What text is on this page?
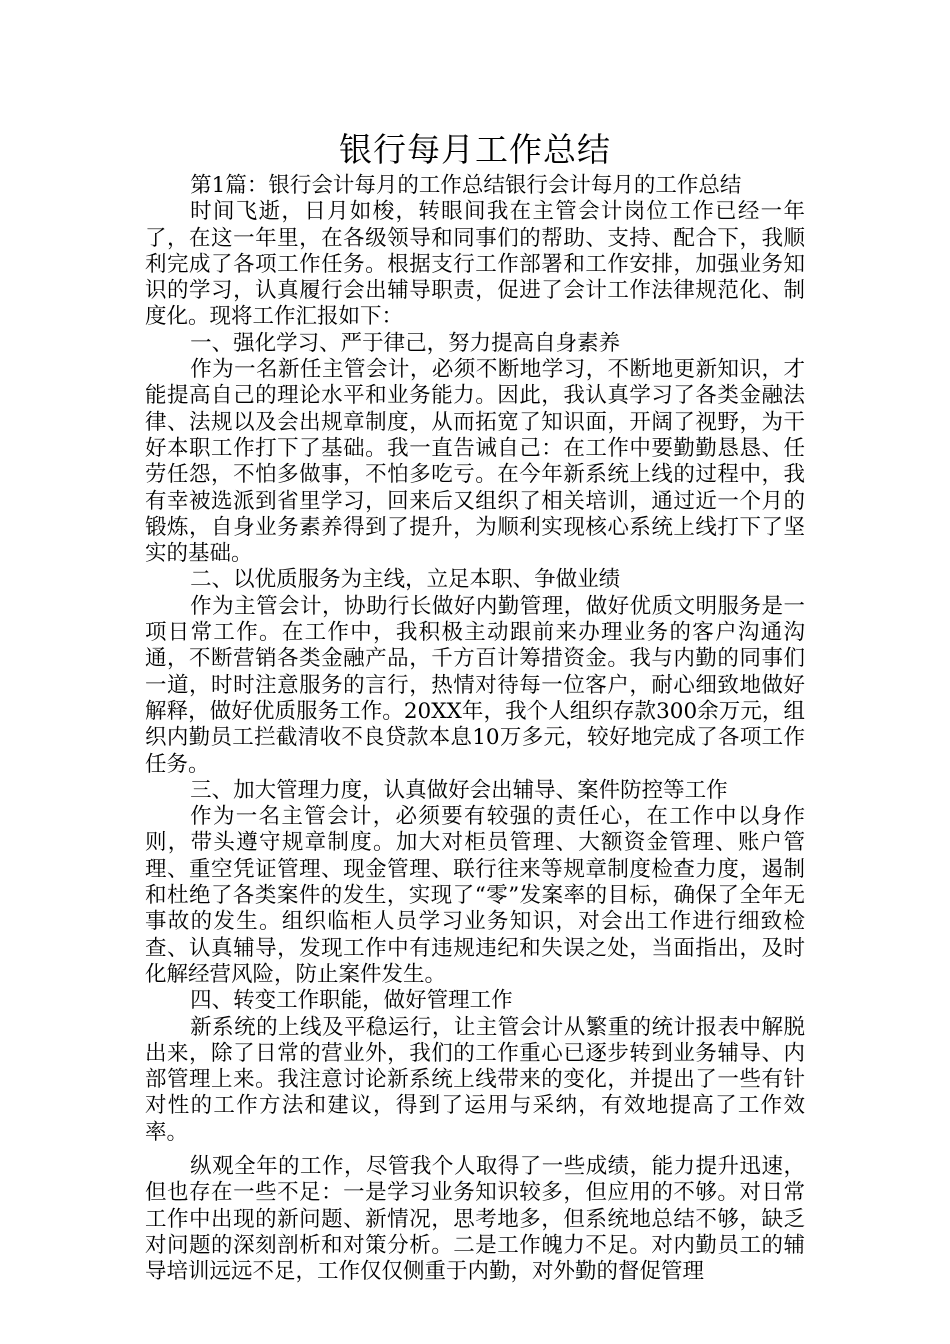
银行每月工作总结

第1篇：银行会计每月的工作总结银行会计每月的工作总结

时间飞逝，日月如梭，转眼间我在主管会计岗位工作已经一年了，在这一年里，在各级领导和同事们的帮助、支持、配合下，我顺利完成了各项工作任务。根据支行工作部署和工作安排，加强业务知识的学习，认真履行会出辅导职责，促进了会计工作法律规范化、制度化。现将工作汇报如下：

一、强化学习、严于律己，努力提高自身素养

作为一名新任主管会计，必须不断地学习，不断地更新知识，才能提高自己的理论水平和业务能力。因此，我认真学习了各类金融法律、法规以及会出规章制度，从而拓宽了知识面，开阔了视野，为干好本职工作打下了基础。我一直告诫自己：在工作中要勤勤恳恳、任劳任怨，不怕多做事，不怕多吃亏。在今年新系统上线的过程中，我有幸被选派到省里学习，回来后又组织了相关培训，通过近一个月的锻炼，自身业务素养得到了提升，为顺利实现核心系统上线打下了坚实的基础。

二、以优质服务为主线，立足本职、争做业绩

作为主管会计，协助行长做好内勤管理，做好优质文明服务是一项日常工作。在工作中，我积极主动跟前来办理业务的客户沟通沟通，不断营销各类金融产品，千方百计筹措资金。我与内勤的同事们一道，时时注意服务的言行，热情对待每一位客户，耐心细致地做好解释，做好优质服务工作。20XX年，我个人组织存款300余万元，组织内勤员工拦截清收不良贷款本息10万多元，较好地完成了各项工作任务。

三、加大管理力度，认真做好会出辅导、案件防控等工作

作为一名主管会计，必须要有较强的责任心，在工作中以身作则，带头遵守规章制度。加大对柜员管理、大额资金管理、账户管理、重空凭证管理、现金管理、联行往来等规章制度检查力度，遏制和杜绝了各类案件的发生，实现了“零”发案率的目标，确保了全年无事故的发生。组织临柜人员学习业务知识，对会出工作进行细致检查、认真辅导，发现工作中有违规违纪和失误之处，当面指出，及时化解经营风险，防止案件发生。

四、转变工作职能，做好管理工作

新系统的上线及平稳运行，让主管会计从繁重的统计报表中解脱出来，除了日常的营业外，我们的工作重心已逐步转到业务辅导、内部管理上来。我注意讨论新系统上线带来的变化，并提出了一些有针对性的工作方法和建议，得到了运用与采纳，有效地提高了工作效率。

纵观全年的工作，尽管我个人取得了一些成绩，能力提升迅速，但也存在一些不足：一是学习业务知识较多，但应用的不够。对日常工作中出现的新问题、新情况，思考地多，但系统地总结不够，缺乏对问题的深刻剖析和对策分析。二是工作魄力不足。对内勤员工的辅导培训远远不足，工作仅仅侧重于内勤，对外勤的督促管理
